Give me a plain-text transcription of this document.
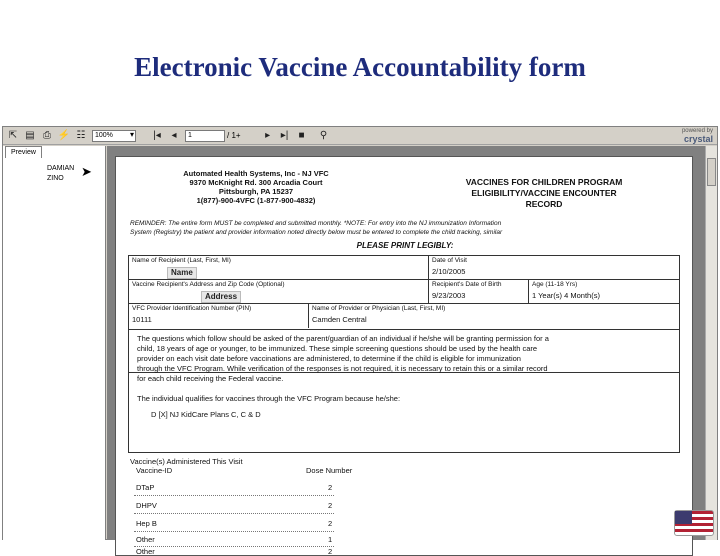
Electronic Vaccine Accountability form
⇱ ▤ ⎙ ⚡ ☷	100% ▾	|◂	◂	1	/ 1+	▸	▸|	■	⚲	powered by
crystal
Preview
DAMIAN
ZINO	➤	Automated Health Systems, Inc - NJ VFC
9370 McKnight Rd. 300 Arcadia Court
Pittsburgh, PA 15237
1(877)-900-4VFC (1-877-900-4832)
VACCINES FOR CHILDREN PROGRAM
ELIGIBILITY/VACCINE ENCOUNTER
RECORD
REMINDER: The entire form MUST be completed and submitted monthly. *NOTE: For entry into the NJ immunization Information
System (Registry) the patient and provider information noted directly below must be entered to complete the child tracking, similar
PLEASE PRINT LEGIBLY:
Name of Recipient (Last, First, MI)
Name
Date of Visit
2/10/2005
Vaccine Recipient's Address and Zip Code (Optional)
Address
Recipient's Date of Birth
9/23/2003
Age (11-18 Yrs)
1 Year(s) 4 Month(s)
VFC Provider Identification Number (PIN)
10111
Name of Provider or Physician (Last, First, MI)
Camden Central

The questions which follow should be asked of the parent/guardian of an individual if he/she will be granting permission for a

child, 18 years of age or younger, to be immunized. These simple screening questions should be used by the health care

provider on each visit date before vaccinations are administered, to determine if the child is eligible for immunization

through the VFC Program. While verification of the responses is not required, it is necessary to retain this or a similar record

for each child receiving the Federal vaccine.

The individual qualifies for vaccines through the VFC Program because he/she:

D [X] NJ KidCare Plans C, C & D

Vaccine(s) Administered This Visit
Vaccine-ID	Dose Number
DTaP	2
DHPV	2
Hep B	2
Other	1
Other	2
